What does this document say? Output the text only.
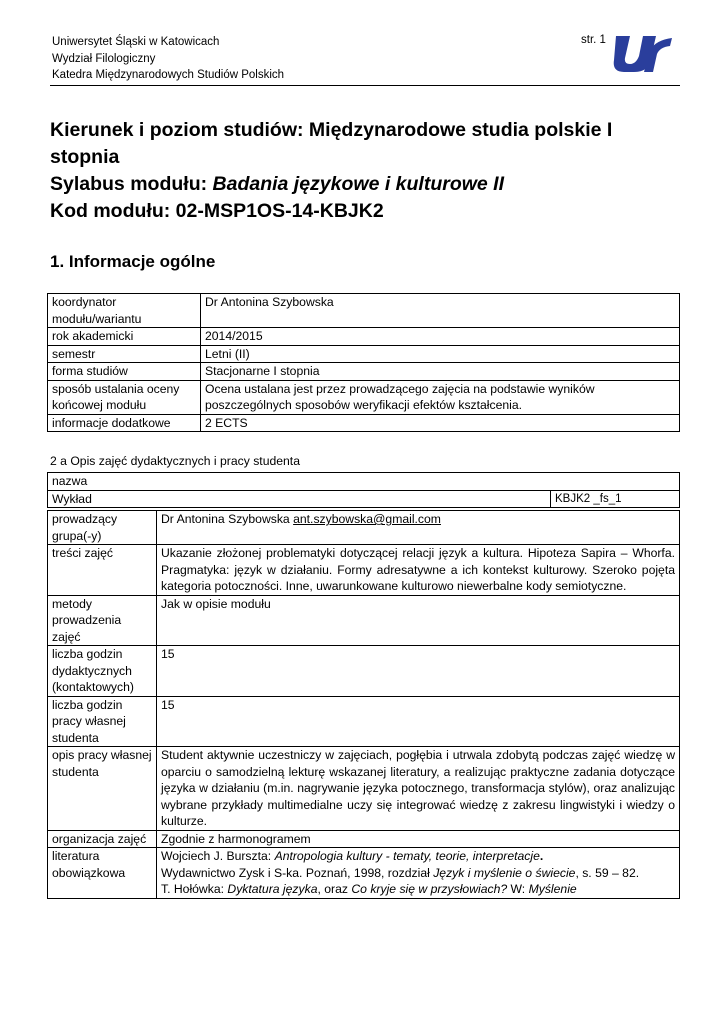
Uniwersytet Śląski w Katowicach
Wydział Filologiczny
Katedra Międzynarodowych Studiów Polskich
str. 1
Kierunek i poziom studiów: Międzynarodowe studia polskie I stopnia
Sylabus modułu: Badania językowe i kulturowe II
Kod modułu: 02-MSP1OS-14-KBJK2
1. Informacje ogólne
koordynator modułu/wariantu	Dr Antonina Szybowska
rok akademicki	2014/2015
semestr	Letni (II)
forma studiów	Stacjonarne I stopnia
sposób ustalania oceny końcowej modułu	Ocena ustalana jest przez prowadzącego zajęcia na podstawie wyników poszczególnych sposobów weryfikacji efektów kształcenia.
informacje dodatkowe	2 ECTS
2 a Opis zajęć dydaktycznych i pracy studenta
nazwa
Wykład	KBJK2 _fs_1
prowadzący grupa(-y)	Dr Antonina Szybowska ant.szybowska@gmail.com
treści zajęć	Ukazanie złożonej problematyki dotyczącej relacji język a kultura. Hipoteza Sapira – Whorfa. Pragmatyka: język w działaniu. Formy adresatywne a ich kontekst kulturowy. Szeroko pojęta kategoria potoczności. Inne, uwarunkowane kulturowo niewerbalne kody semiotyczne.
metody prowadzenia zajęć	Jak w opisie modułu
liczba godzin dydaktycznych (kontaktowych)	15
liczba godzin pracy własnej studenta	15
opis pracy własnej studenta	Student aktywnie uczestniczy w zajęciach, pogłębia i utrwala zdobytą podczas zajęć wiedzę w oparciu o samodzielną lekturę wskazanej literatury, a realizując praktyczne zadania dotyczące języka w działaniu (m.in. nagrywanie języka potocznego, transformacja stylów), oraz analizując wybrane przykłady multimedialne uczy się integrować wiedzę z zakresu lingwistyki i wiedzy o kulturze.
organizacja zajęć	Zgodnie z harmonogramem
literatura obowiązkowa	Wojciech J. Burszta: Antropologia kultury - tematy, teorie, interpretacje.
Wydawnictwo Zysk i S-ka. Poznań, 1998, rozdział Język i myślenie o świecie, s. 59 – 82.
T. Hołówka: Dyktatura języka, oraz Co kryje się w przysłowiach? W: Myślenie
